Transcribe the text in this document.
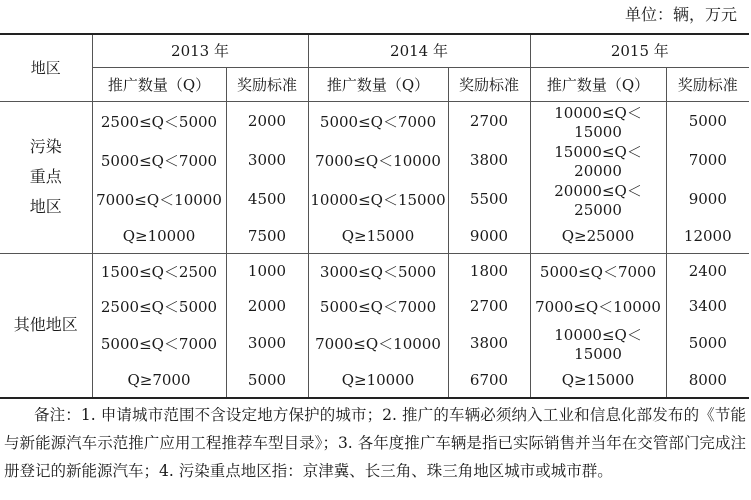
单位：辆，万元
地区	2013 年		2014 年		2015 年	
	推广数量（Q）	奖励标准	推广数量（Q）	奖励标准	推广数量（Q）	奖励标准

污染重点地区	2500≤Q＜5000	2000	5000≤Q＜7000	2700	10000≤Q＜15000	5000
	5000≤Q＜7000	3000	7000≤Q＜10000	3800	15000≤Q＜20000	7000
	7000≤Q＜10000	4500	10000≤Q＜15000	5500	20000≤Q＜25000	9000
	Q≥10000	7500	Q≥15000	9000	Q≥25000	12000

其他地区	1500≤Q＜2500	1000	3000≤Q＜5000	1800	5000≤Q＜7000	2400
	2500≤Q＜5000	2000	5000≤Q＜7000	2700	7000≤Q＜10000	3400
	5000≤Q＜7000	3000	7000≤Q＜10000	3800	10000≤Q＜15000	5000
	Q≥7000	5000	Q≥10000	6700	Q≥15000	8000

备注：1. 申请城市范围不含设定地方保护的城市；2. 推广的车辆必须纳入工业和信息化部发布的《节能与新能源汽车示范推广应用工程推荐车型目录》；3. 各年度推广车辆是指已实际销售并当年在交管部门完成注册登记的新能源汽车；4. 污染重点地区指：京津冀、长三角、珠三角地区城市或城市群。
